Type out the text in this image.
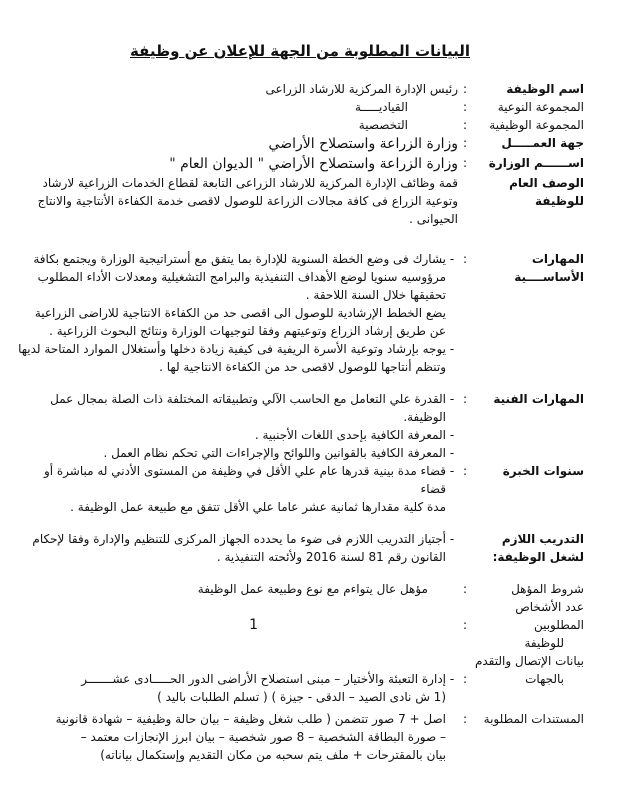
البيانات المطلوبة من الجهة للإعلان عن وظيفة
اسم الوظيفة
:
رئيس الإدارة المركزية للارشاد الزراعى
المجموعة النوعية
:
القياديـــــة
المجموعة الوظيفية
:
التخصصية
جهة العمـــــل
:
وزارة الزراعة واستصلاح الأراضي
اســــــم الوزارة
:
وزارة الزراعة واستصلاح الأراضي " الديوان العام "
الوصف العام للوظيفة
قمة وظائف الإدارة المركزية للارشاد الزراعى التابعة لقطاع الخدمات الزراعية لارشاد
وتوعية الزراع فى كافة مجالات الزراعة للوصول لاقصى خدمة الكفاءة الأنتاجية والانتاج
الحيوانى .
المهارات الأساســــية
:
-
يشارك فى وضع الخطة السنوية للإدارة بما يتفق مع أستراتيجية الوزارة ويجتمع بكافة
مرؤوسيه سنويا لوضع الأهداف التنفيذية والبرامج التشغيلية ومعدلات الأداء المطلوب
تحقيقها خلال السنة اللاحقة .
يضع الخطط الإرشادية للوصول الى اقصى حد من الكفاءة الانتاجية للاراضى الزراعية
عن طريق إرشاد الزراع وتوعيتهم وفقا لتوجيهات الوزارة ونتائج البحوث الزراعية .
-
يوجه بإرشاد وتوعية الأسرة الريفية فى كيفية زيادة دخلها وأستغلال الموارد المتاحة لديها
وتنظم أنتاجها للوصول لاقصى حد من الكفاءة الانتاجية لها .
المهارات الفنية
:
-
القدرة علي التعامل مع الحاسب الآلي وتطبيقاته المختلفة ذات الصلة بمجال عمل الوظيفة.
-
المعرفة الكافية بإحدى اللغات الأجنبية .
-
المعرفة الكافية بالقوانين واللوائح والإجراءات التي تحكم نظام العمل .
سنوات الخبرة
:
-
قضاء مدة بينية قدرها عام علي الأقل في وظيفة من المستوى الأدني له مباشرة أو قضاء
مدة كلية مقدارها ثمانية عشر عاما علي الأقل تتفق مع طبيعة عمل الوظيفة .
التدريب اللازم لشغل الوظيفة:
-
أجتياز التدريب اللازم فى ضوء ما يحدده الجهاز المركزى للتنظيم والإدارة وفقا لإحكام
القانون رقم 81 لسنة 2016 ولأئحته التنفيذية .
شروط المؤهل
:
مؤهل عال يتواءم مع نوع وطبيعة عمل الوظيفة
عدد الأشخاص المطلوبين
للوظيفة
:
1
بيانات الإتصال والتقدم
بالجهات
:
-
إدارة التعبئة والأختيار – مبنى استصلاح الأراضى الدور الحـــــادى عشـــــــر
(1 ش نادى الصيد – الدقى - جيزة ) ( تسلم الطلبات باليد )
المستندات المطلوبة
:
اصل + 7 صور تتضمن ( طلب شغل وظيفة – بيان حالة وظيفية – شهادة قانونية
– صورة البطاقة الشخصية – 8 صور شخصية – بيان ابرز الإنجازات معتمد –
بيان بالمقترحات + ملف يتم سحبه من مكان التقديم وإستكمال بياناته)
